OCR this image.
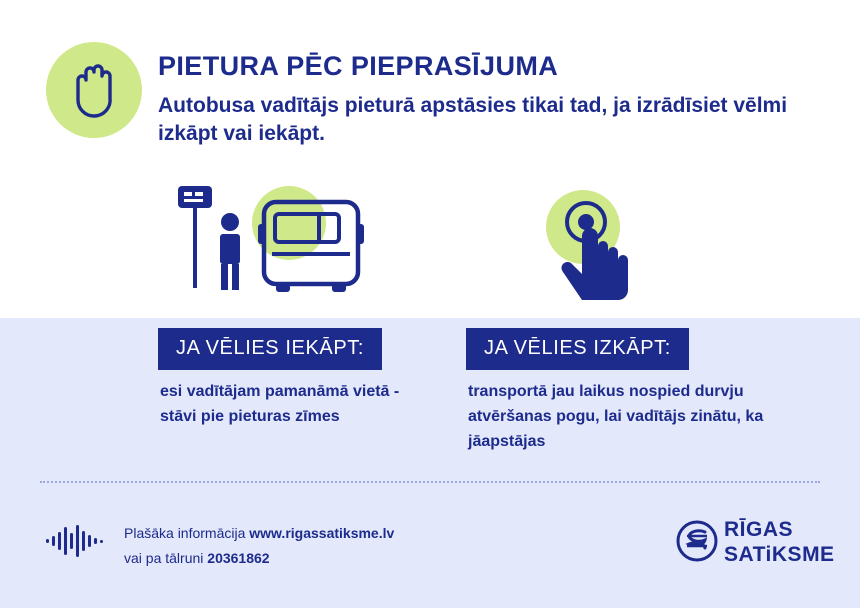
PIETURA PĒC PIEPRASĪJUMA
Autobusa vadītājs pieturā apstāsies tikai tad, ja izrādīsiet vēlmi izkāpt vai iekāpt.
JA VĒLIES IEKĀPT:	JA VĒLIES IZKĀPT:
esi vadītājam pamanāmā vietā - stāvi pie pieturas zīmes
transportā jau laikus nospied durvju atvēršanas pogu, lai vadītājs zinātu, ka jāapstājas
Plašāka informācija www.rigassatiksme.lv
vai pa tālruni 20361862
RĪGAS
SATiKSME
